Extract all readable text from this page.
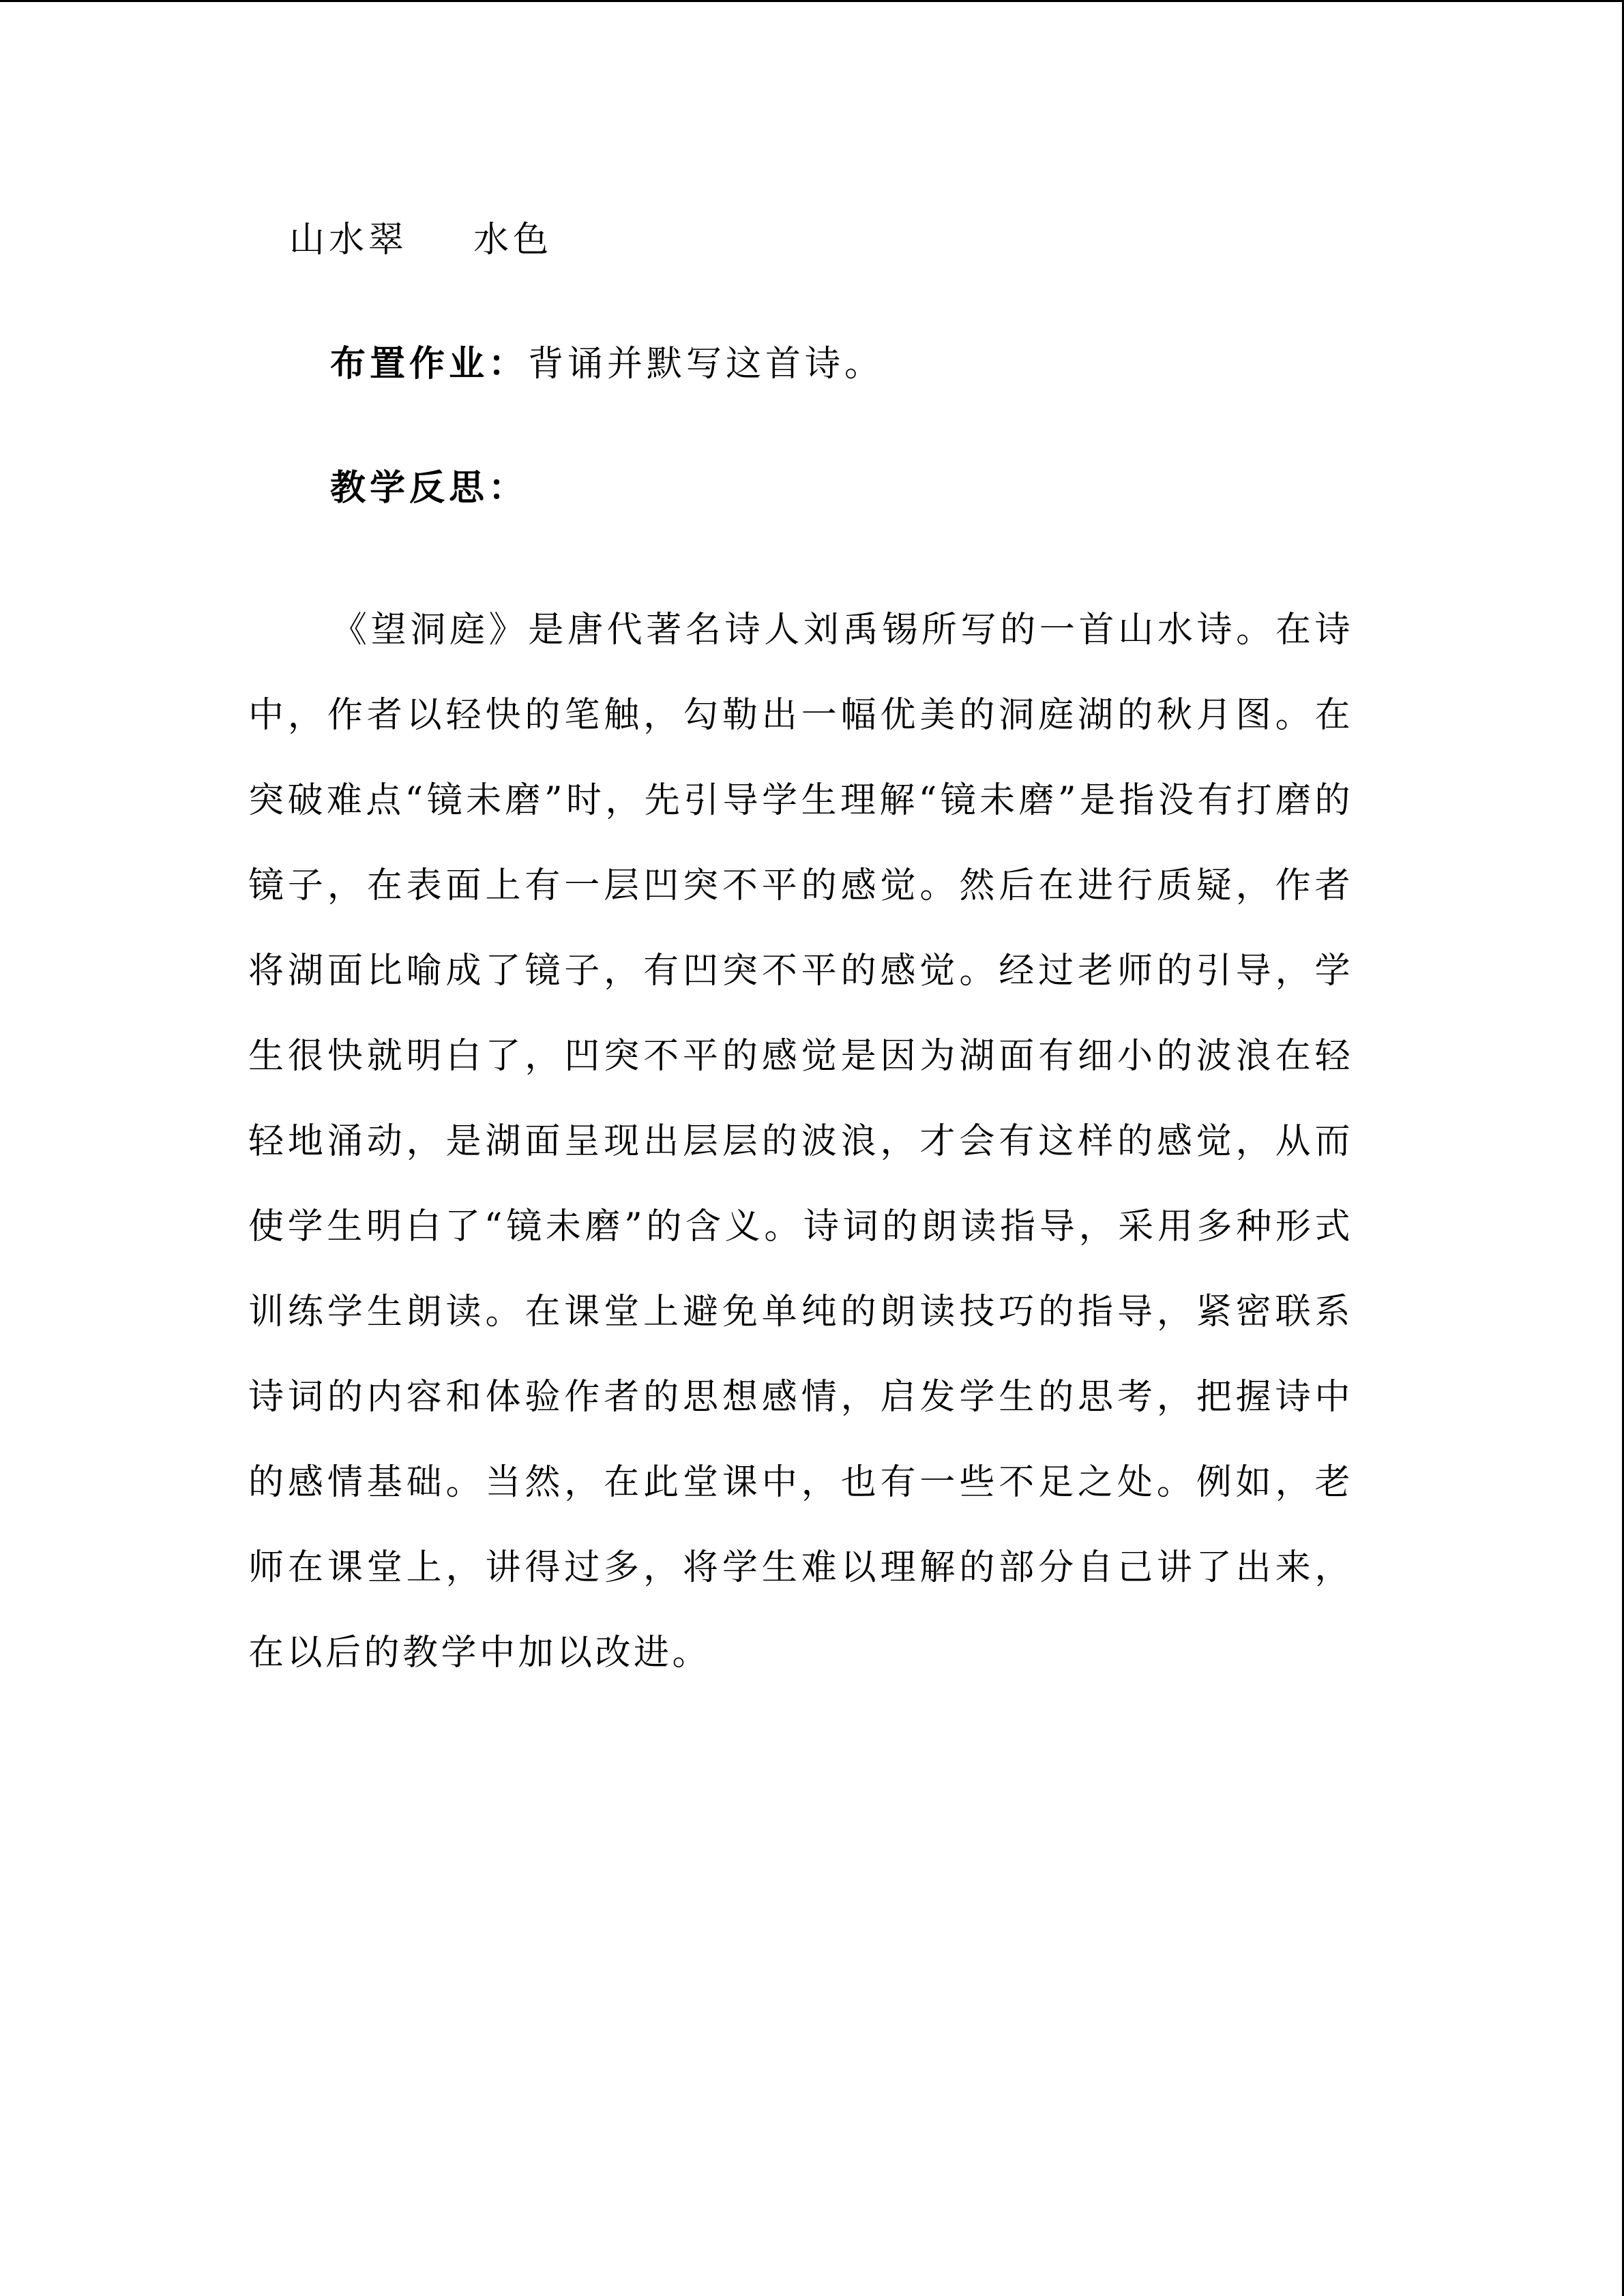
山水翠 水色
布置作业：背诵并默写这首诗。
教学反思：
《望洞庭》是唐代著名诗人刘禹锡所写的一首山水诗。在诗中，作者以轻快的笔触，勾勒出一幅优美的洞庭湖的秋月图。在突破难点“镜未磨”时，先引导学生理解“镜未磨”是指没有打磨的镜子，在表面上有一层凹突不平的感觉。然后在进行质疑，作者将湖面比喻成了镜子，有凹突不平的感觉。经过老师的引导，学生很快就明白了，凹突不平的感觉是因为湖面有细小的波浪在轻轻地涌动，是湖面呈现出层层的波浪，才会有这样的感觉，从而使学生明白了“镜未磨”的含义。诗词的朗读指导，采用多种形式训练学生朗读。在课堂上避免单纯的朗读技巧的指导，紧密联系诗词的内容和体验作者的思想感情，启发学生的思考，把握诗中的感情基础。当然，在此堂课中，也有一些不足之处。例如，老师在课堂上，讲得过多，将学生难以理解的部分自己讲了出来，在以后的教学中加以改进。
